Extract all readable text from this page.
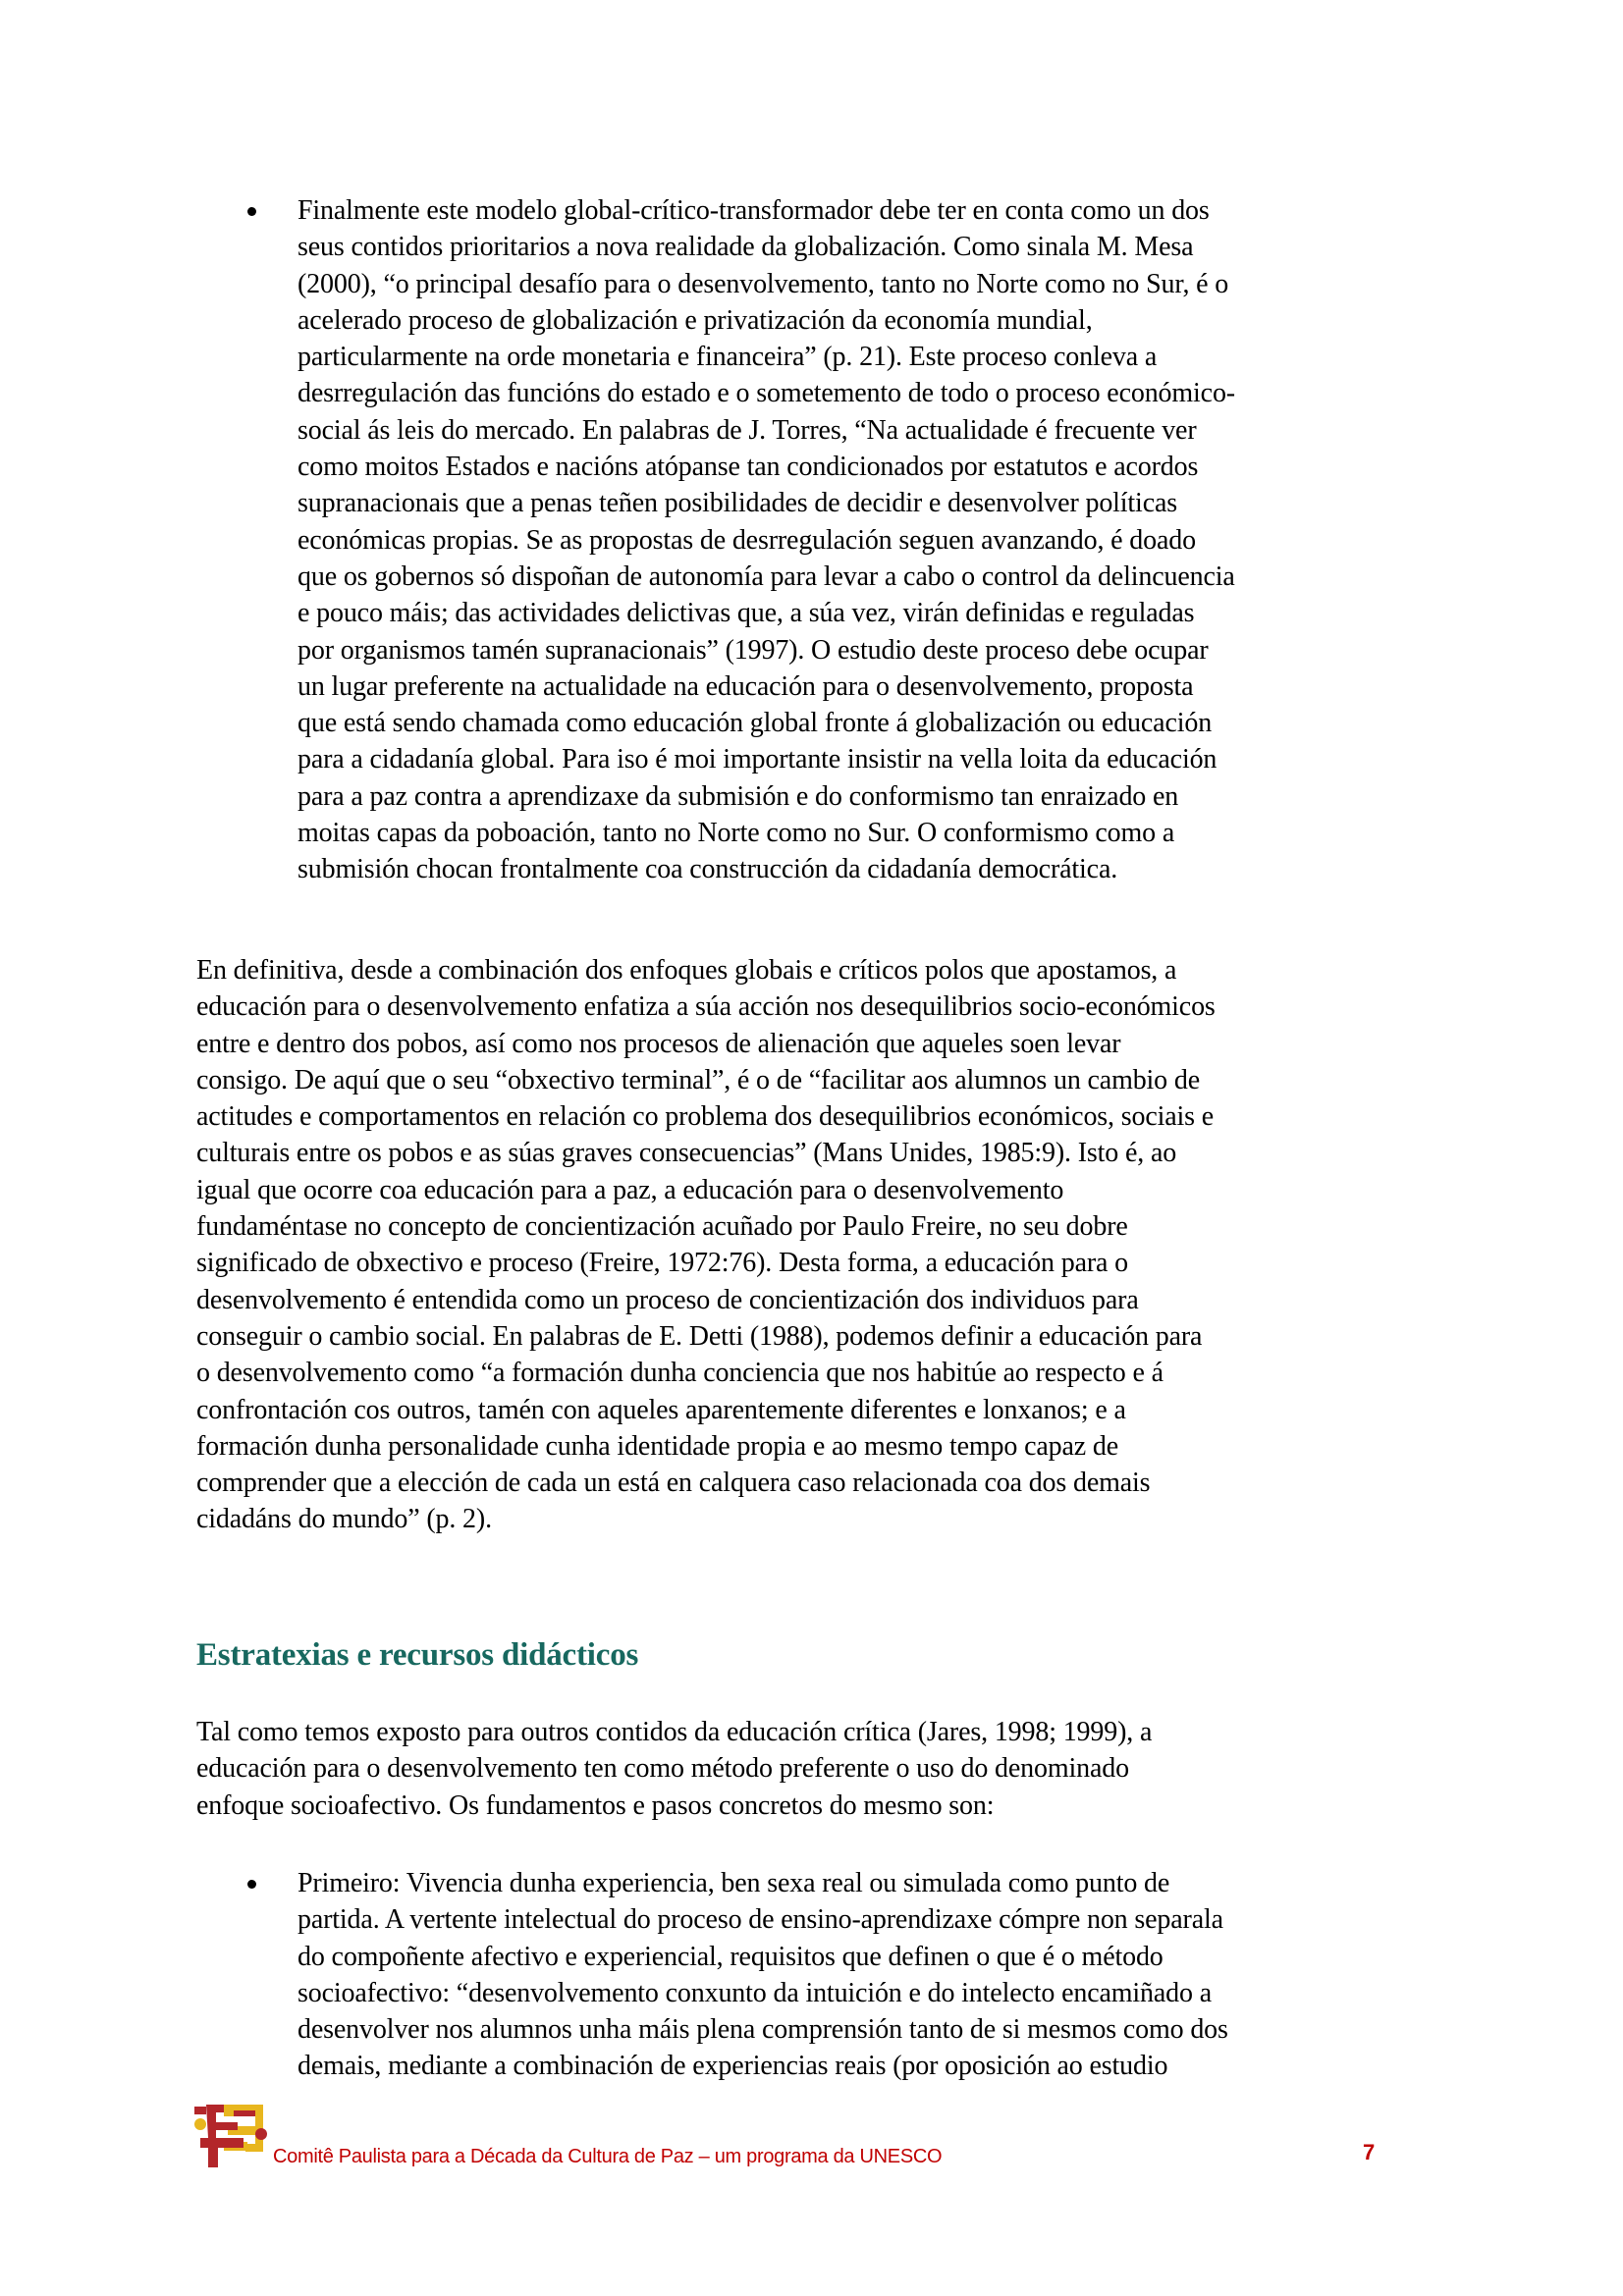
Finalmente este modelo global-crítico-transformador debe ter en conta como un dos
seus contidos prioritarios a nova realidade da globalización. Como sinala M. Mesa
(2000), “o principal desafío para o desenvolvemento, tanto no Norte como no Sur, é o
acelerado proceso de globalización e privatización da economía mundial,
particularmente na orde monetaria e financeira” (p. 21). Este proceso conleva a
desrregulación das funcións do estado e o sometemento de todo o proceso económico-
social ás leis do mercado. En palabras de J. Torres, “Na actualidade é frecuente ver
como moitos Estados e nacións atópanse tan condicionados por estatutos e acordos
supranacionais que a penas teñen posibilidades de decidir e desenvolver políticas
económicas propias. Se as propostas de desrregulación seguen avanzando, é doado
que os gobernos só dispoñan de autonomía para levar a cabo o control da delincuencia
e pouco máis; das actividades delictivas que, a súa vez, virán definidas e reguladas
por organismos tamén supranacionais” (1997). O estudio deste proceso debe ocupar
un lugar preferente na actualidade na educación para o desenvolvemento, proposta
que está sendo chamada como educación global fronte á globalización ou educación
para a cidadanía global. Para iso é moi importante insistir na vella loita da educación
para a paz contra a aprendizaxe da submisión e do conformismo tan enraizado en
moitas capas da poboación, tanto no Norte como no Sur. O conformismo como a
submisión chocan frontalmente coa construcción da cidadanía democrática.
En definitiva, desde a combinación dos enfoques globais e críticos polos que apostamos, a
educación para o desenvolvemento enfatiza a súa acción nos desequilibrios socio-económicos
entre e dentro dos pobos, así como nos procesos de alienación que aqueles soen levar
consigo. De aquí que o seu “obxectivo terminal”, é o de “facilitar aos alumnos un cambio de
actitudes e comportamentos en relación co problema dos desequilibrios económicos, sociais e
culturais entre os pobos e as súas graves consecuencias” (Mans Unides, 1985:9). Isto é, ao
igual que ocorre coa educación para a paz, a educación para o desenvolvemento
fundaméntase no concepto de concientización acuñado por Paulo Freire, no seu dobre
significado de obxectivo e proceso (Freire, 1972:76). Desta forma, a educación para o
desenvolvemento é entendida como un proceso de concientización dos individuos para
conseguir o cambio social. En palabras de E. Detti (1988), podemos definir a educación para
o desenvolvemento como “a formación dunha conciencia que nos habitúe ao respecto e á
confrontación cos outros, tamén con aqueles aparentemente diferentes e lonxanos; e a
formación dunha personalidade cunha identidade propia e ao mesmo tempo capaz de
comprender que a elección de cada un está en calquera caso relacionada coa dos demais
cidadáns do mundo” (p. 2).
Estratexias e recursos didácticos
Tal como temos exposto para outros contidos da educación crítica (Jares, 1998; 1999), a
educación para o desenvolvemento ten como método preferente o uso do denominado
enfoque socioafectivo. Os fundamentos e pasos concretos do mesmo son:
Primeiro: Vivencia dunha experiencia, ben sexa real ou simulada como punto de
partida. A vertente intelectual do proceso de ensino-aprendizaxe cómpre non separala
do compoñente afectivo e experiencial, requisitos que definen o que é o método
socioafectivo: “desenvolvemento conxunto da intuición e do intelecto encamiñado a
desenvolver nos alumnos unha máis plena comprensión tanto de si mesmos como dos
demais, mediante a combinación de experiencias reais (por oposición ao estudio
Comitê Paulista para a Década da Cultura de Paz – um programa da UNESCO	7
